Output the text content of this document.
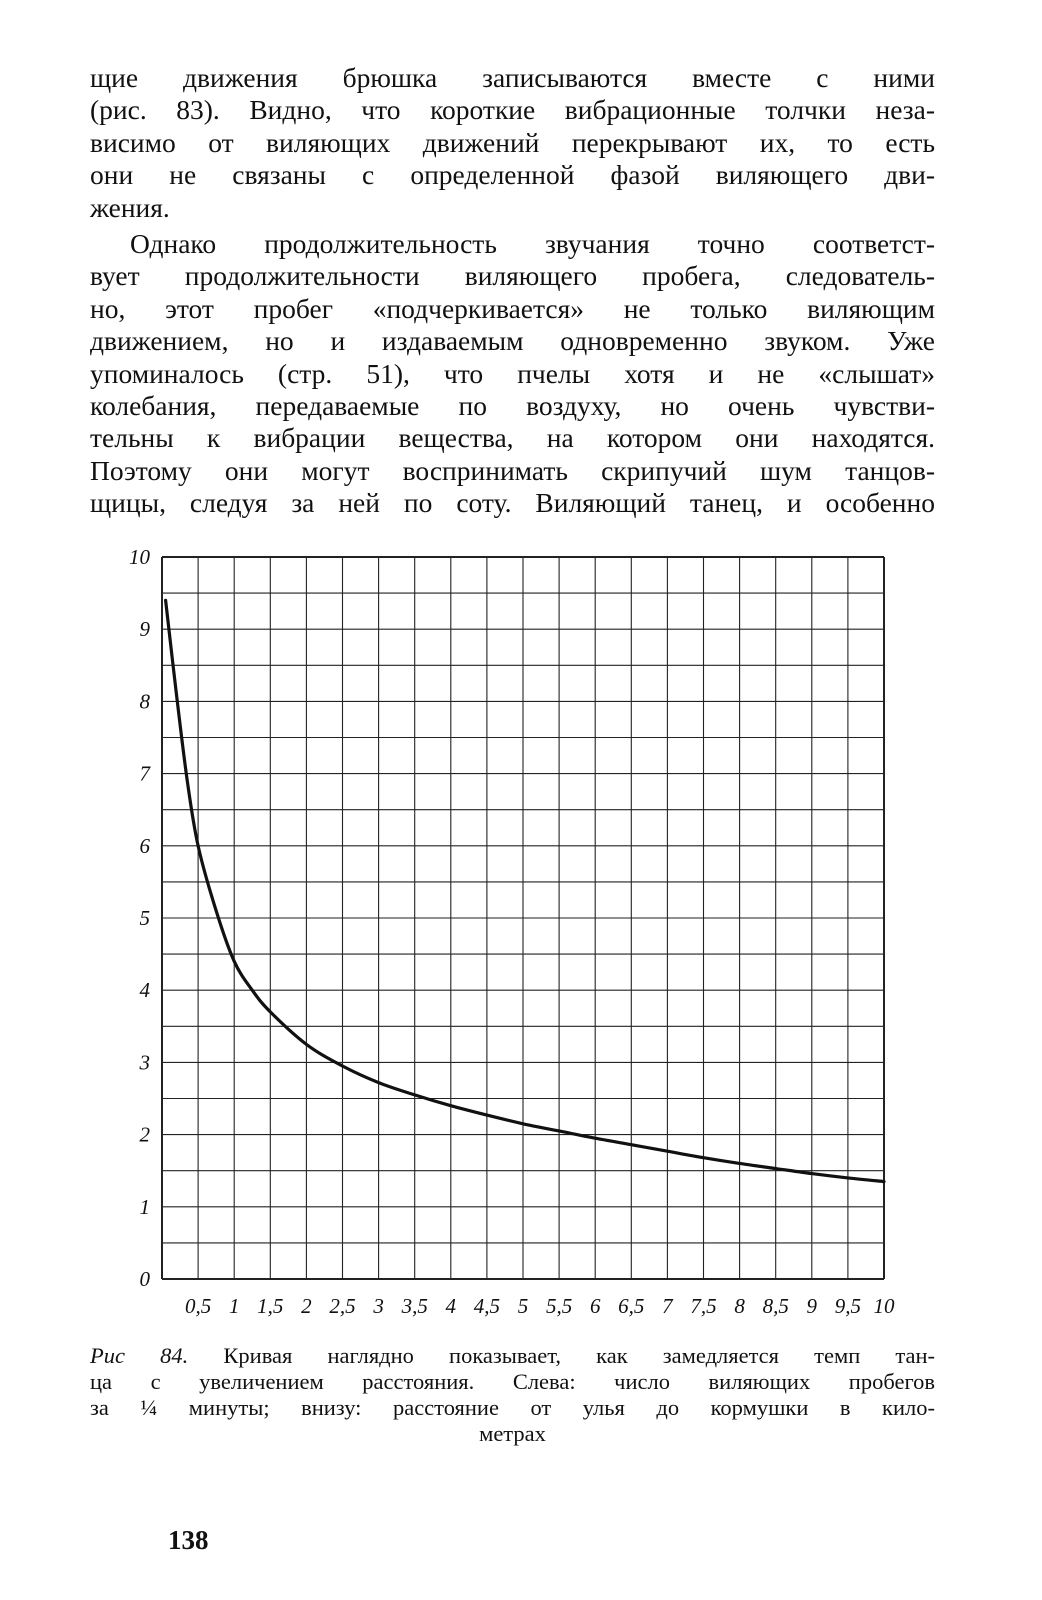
щие движения брюшка записываются вместе с ними
(рис. 83). Видно, что короткие вибрационные толчки неза-
висимо от виляющих движений перекрывают их, то есть
они не связаны с определенной фазой виляющего дви-
жения.

Однако продолжительность звучания точно соответст-
вует продолжительности виляющего пробега, следователь-
но, этот пробег «подчеркивается» не только виляющим
движением, но и издаваемым одновременно звуком. Уже
упоминалось (стр. 51), что пчелы хотя и не «слышат»
колебания, передаваемые по воздуху, но очень чувстви-
тельны к вибрации вещества, на котором они находятся.
Поэтому они могут воспринимать скрипучий шум танцов-
щицы, следуя за ней по соту. Виляющий танец, и особенно

0
1
2
3
4
5
6
7
8
9
10
0,5 1 1,5 2 2,5 3 3,5 4 4,5 5 5,5 6 6,5 7 7,5 8 8,5 9 9,5 10
Рис 84. Кривая наглядно показывает, как замедляется темп тан-
ца с увеличением расстояния. Слева: число виляющих пробегов
за ¼ минуты; внизу: расстояние от улья до кормушки в кило-
метрах
138
